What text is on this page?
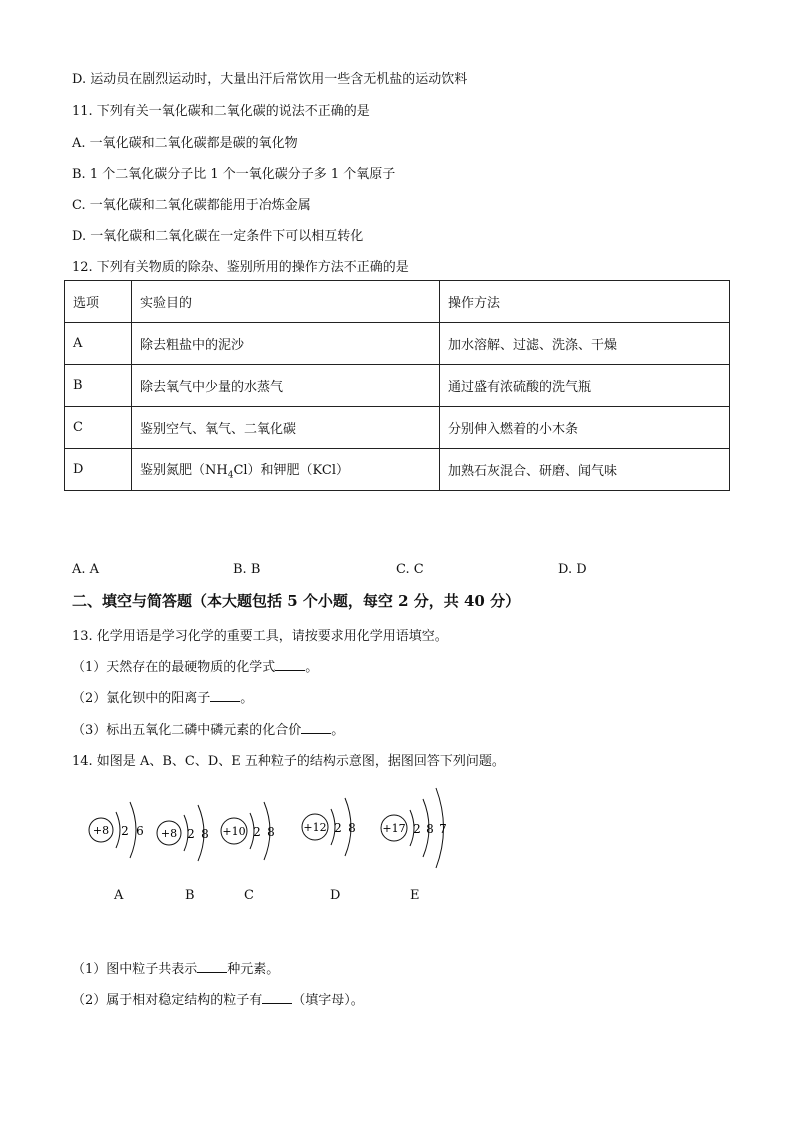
D. 运动员在剧烈运动时，大量出汗后常饮用一些含无机盐的运动饮料
11. 下列有关一氧化碳和二氧化碳的说法不正确的是
A. 一氧化碳和二氧化碳都是碳的氧化物
B. 1 个二氧化碳分子比 1 个一氧化碳分子多 1 个氧原子
C. 一氧化碳和二氧化碳都能用于冶炼金属
D. 一氧化碳和二氧化碳在一定条件下可以相互转化
12. 下列有关物质的除杂、鉴别所用的操作方法不正确的是
选项	实验目的	操作方法
A	除去粗盐中的泥沙	加水溶解、过滤、洗涤、干燥
B	除去氧气中少量的水蒸气	通过盛有浓硫酸的洗气瓶
C	鉴别空气、氧气、二氧化碳	分别伸入燃着的小木条
D	鉴别氮肥$(NH_4Cl)$和钾肥（KCl）	加熟石灰混合、研磨、闻气味
A. A	B. B	C. C	D. D
二、填空与简答题（本大题包括 5 个小题，每空 2 分，共 40 分）
13. 化学用语是学习化学的重要工具，请按要求用化学用语填空。
（1）天然存在的最硬物质的化学式 。
（2）氯化钡中的阳离子 。
（3）标出五氧化二磷中磷元素的化合价 。
14. 如图是 A、B、C、D、E 五种粒子的结构示意图，据图回答下列问题。
+8 2 6 +8 2 8 +10 2 8	+12 2 8 +17 2 8 7
A	B	C	D	E
（1）图中粒子共表示 种元素。
（2）属于相对稳定结构的粒子有 （填字母）。
